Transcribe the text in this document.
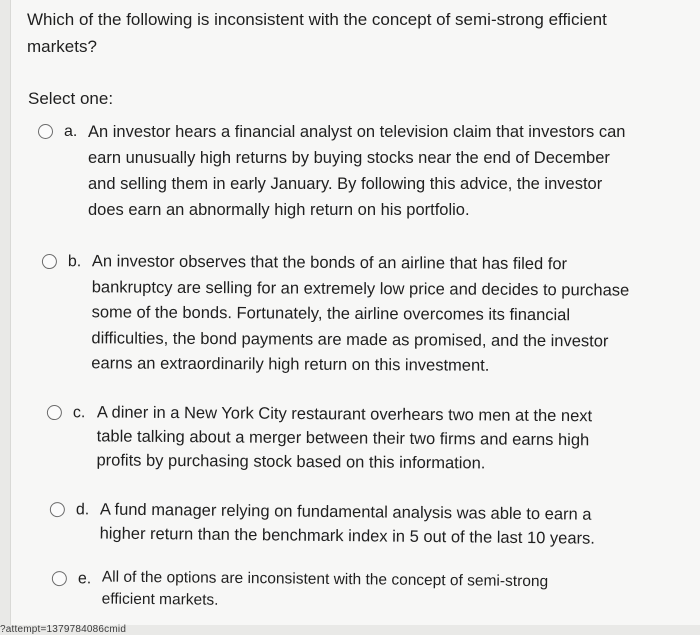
Which of the following is inconsistent with the concept of semi-strong efficient markets?
Select one:
a. An investor hears a financial analyst on television claim that investors can earn unusually high returns by buying stocks near the end of December and selling them in early January. By following this advice, the investor does earn an abnormally high return on his portfolio.
b. An investor observes that the bonds of an airline that has filed for bankruptcy are selling for an extremely low price and decides to purchase some of the bonds. Fortunately, the airline overcomes its financial difficulties, the bond payments are made as promised, and the investor earns an extraordinarily high return on this investment.
c. A diner in a New York City restaurant overhears two men at the next table talking about a merger between their two firms and earns high profits by purchasing stock based on this information.
d. A fund manager relying on fundamental analysis was able to earn a higher return than the benchmark index in 5 out of the last 10 years.
e. All of the options are inconsistent with the concept of semi-strong efficient markets.
?attempt=1379784086cmid
